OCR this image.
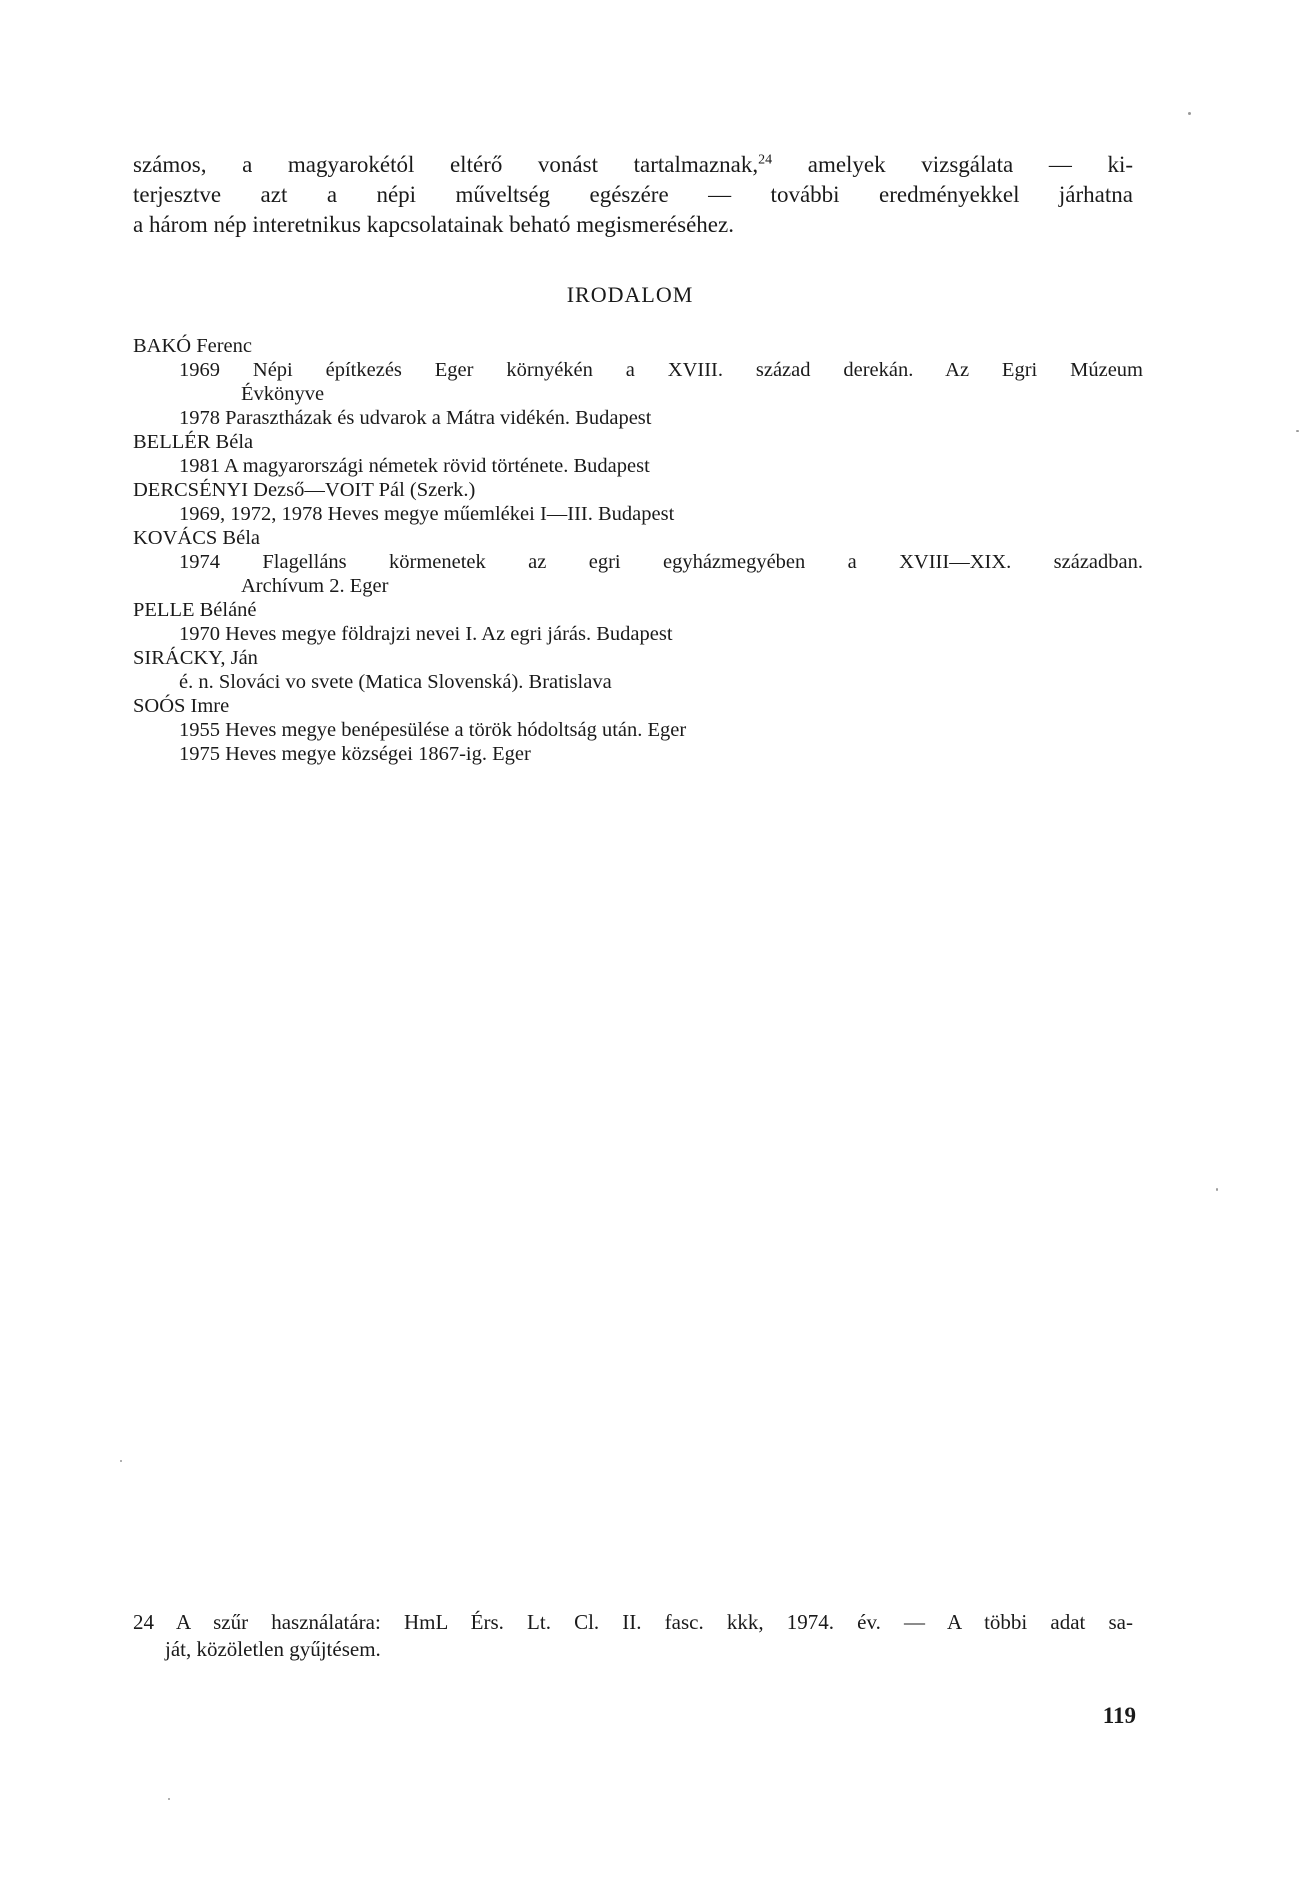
számos, a magyarokétól eltérő vonást tartalmaznak,$^{24}$ amelyek vizsgálata — ki-
terjesztve azt a népi műveltség egészére — további eredményekkel járhatna
a három nép interetnikus kapcsolatainak beható megismeréséhez.
IRODALOM
BAKÓ Ferenc
1969 Népi építkezés Eger környékén a XVIII. század derekán. Az Egri Múzeum
Évkönyve
1978 Parasztházak és udvarok a Mátra vidékén. Budapest
BELLÉR Béla
1981 A magyarországi németek rövid története. Budapest
DERCSÉNYI Dezső—VOIT Pál (Szerk.)
1969, 1972, 1978 Heves megye műemlékei I—III. Budapest
KOVÁCS Béla
1974 Flagelláns körmenetek az egri egyházmegyében a XVIII—XIX. században.
Archívum 2. Eger
PELLE Béláné
1970 Heves megye földrajzi nevei I. Az egri járás. Budapest
SIRÁCKY, Ján
é. n. Slováci vo svete (Matica Slovenská). Bratislava
SOÓS Imre
1955 Heves megye benépesülése a török hódoltság után. Eger
1975 Heves megye községei 1867-ig. Eger
24 A szűr használatára: HmL Érs. Lt. Cl. II. fasc. kkk, 1974. év. — A többi adat sa-
ját, közöletlen gyűjtésem.
119
